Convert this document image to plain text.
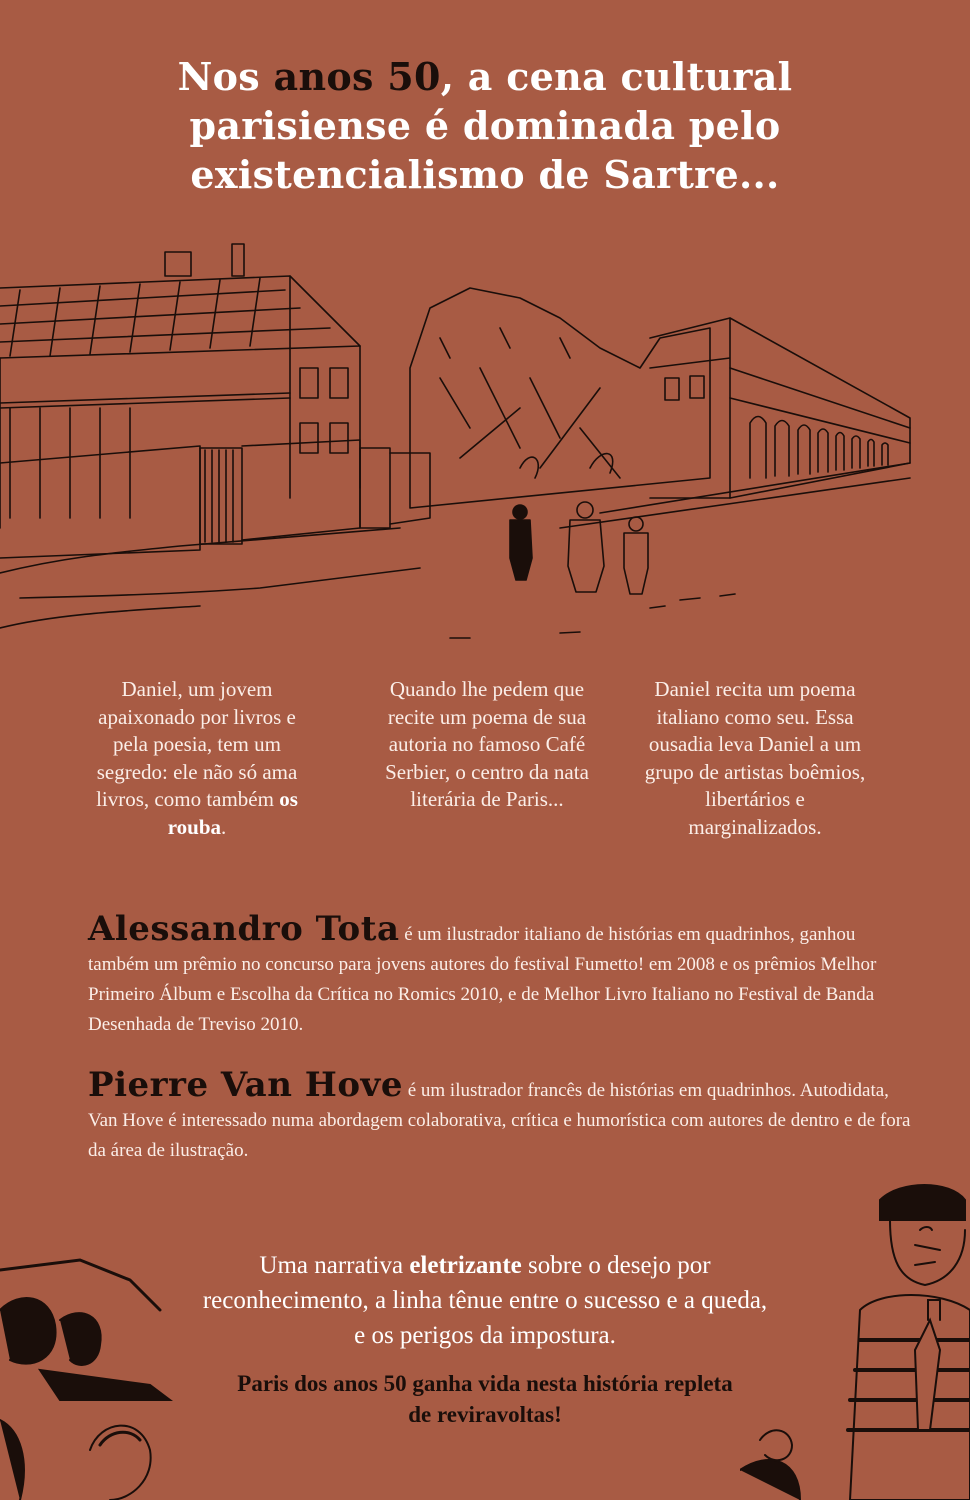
Nos anos 50, a cena cultural parisiense é dominada pelo existencialismo de Sartre...
Daniel, um jovem apaixonado por livros e pela poesia, tem um segredo: ele não só ama livros, como também os rouba.
Quando lhe pedem que recite um poema de sua autoria no famoso Café Serbier, o centro da nata literária de Paris...
Daniel recita um poema italiano como seu. Essa ousadia leva Daniel a um grupo de artistas boêmios, libertários e marginalizados.
Alessandro Tota é um ilustrador italiano de histórias em quadrinhos, ganhou também um prêmio no concurso para jovens autores do festival Fumetto! em 2008 e os prêmios Melhor Primeiro Álbum e Escolha da Crítica no Romics 2010, e de Melhor Livro Italiano no Festival de Banda Desenhada de Treviso 2010.
Pierre Van Hove é um ilustrador francês de histórias em quadrinhos. Autodidata, Van Hove é interessado numa abordagem colaborativa, crítica e humorística com autores de dentro e de fora da área de ilustração.
Uma narrativa eletrizante sobre o desejo por reconhecimento, a linha tênue entre o sucesso e a queda, e os perigos da impostura.
Paris dos anos 50 ganha vida nesta história repleta de reviravoltas!
